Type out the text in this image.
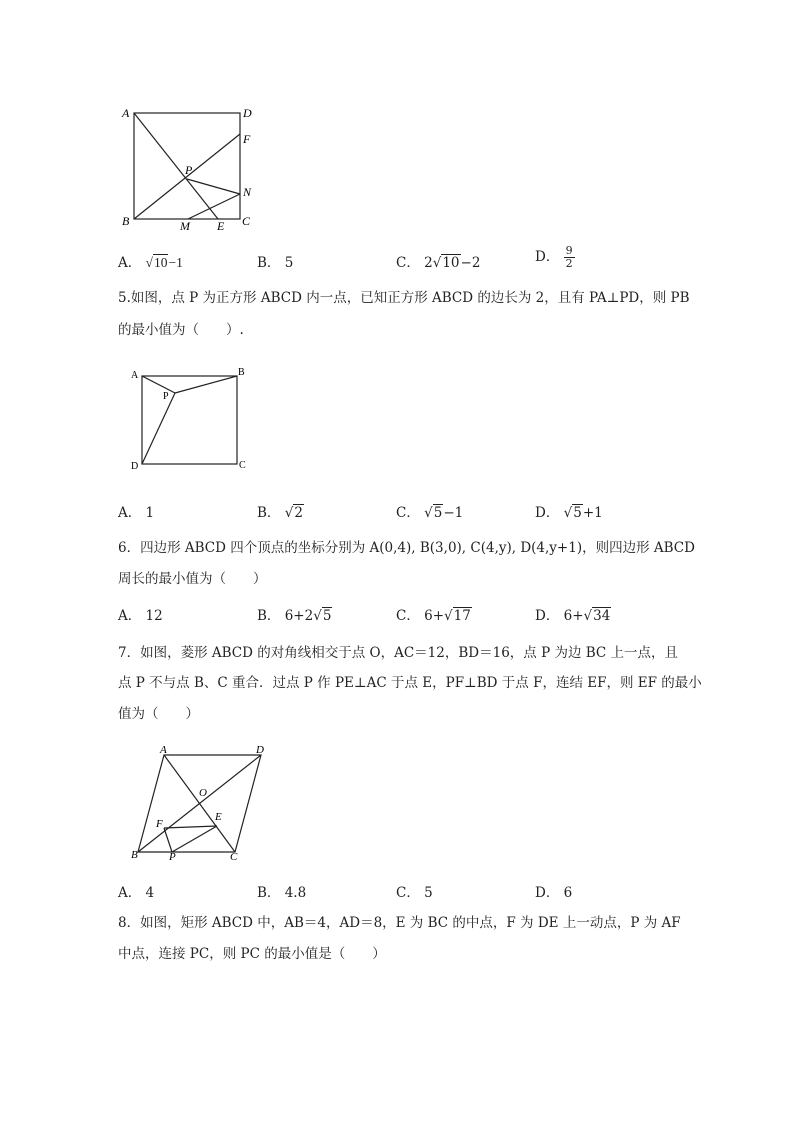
A	D
F
P
N
B	M E C
A． √10−1	B． 5	C． 2√10−2	D． $\frac{9}{2}$
5.如图，点 P 为正方形 ABCD 内一点，已知正方形 ABCD 的边长为 2，且有 PA⊥PD，则 PB
的最小值为（　　）.
A	B
P
D	C
A． 1	B． √2	C． √5−1	D． √5+1
6．四边形 ABCD 四个顶点的坐标分别为 A(0,4), B(3,0), C(4,y), D(4,y+1)，则四边形 ABCD
周长的最小值为（　　）
A． 12	B． 6+2√5	C． 6+√17	D． 6+√34
7．如图，菱形 ABCD 的对角线相交于点 O，AC＝12，BD＝16，点 P 为边 BC 上一点，且
点 P 不与点 B、C 重合．过点 P 作 PE⊥AC 于点 E，PF⊥BD 于点 F，连结 EF，则 EF 的最小
值为（　　）
A	D
O
F
E
B	P	C
A． 4	B． 4.8	C． 5	D． 6
8．如图，矩形 ABCD 中，AB＝4，AD＝8，E 为 BC 的中点，F 为 DE 上一动点，P 为 AF
中点，连接 PC，则 PC 的最小值是（　　）
